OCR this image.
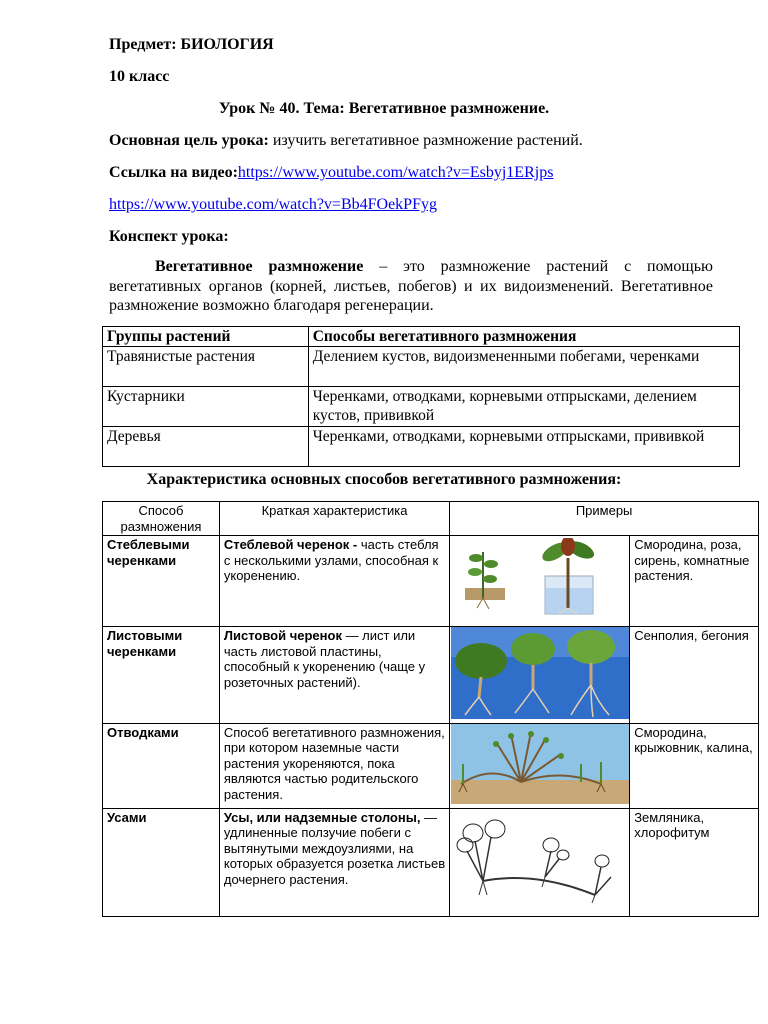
Предмет: БИОЛОГИЯ
10 класс
Урок № 40. Тема: Вегетативное размножение.
Основная цель урока: изучить вегетативное размножение растений.
Ссылка на видео:https://www.youtube.com/watch?v=Esbyj1ERjps
https://www.youtube.com/watch?v=Bb4FOekPFyg
Конспект урока:
Вегетативное размножение – это размножение растений с помощью вегетативных органов (корней, листьев, побегов) и их видоизменений. Вегетативное размножение возможно благодаря регенерации.
Группы растений	Способы вегетативного размножения
Травянистые растения	Делением кустов, видоизмененными побегами, черенками
Кустарники	Черенками, отводками, корневыми отпрысками, делением кустов, прививкой
Деревья	Черенками, отводками, корневыми отпрысками, прививкой
Характеристика основных способов вегетативного размножения:
Способ размножения	Краткая характеристика	Примеры	
Стеблевыми черенками	Стеблевой черенок - часть стебля с несколькими узлами, способная к укоренению.		Смородина, роза, сирень, комнатные растения.
Листовыми черенками	Листовой черенок — лист или часть листовой пластины, способный к укоренению (чаще у розеточных растений).		Сенполия, бегония
Отводками	Способ вегетативного размножения, при котором наземные части растения укореняются, пока являются частью родительского растения.		Смородина, крыжовник, калина,
Усами	Усы, или надземные столоны, — удлиненные ползучие побеги с вытянутыми междоузлиями, на которых образуется розетка листьев дочернего растения.		Земляника, хлорофитум
